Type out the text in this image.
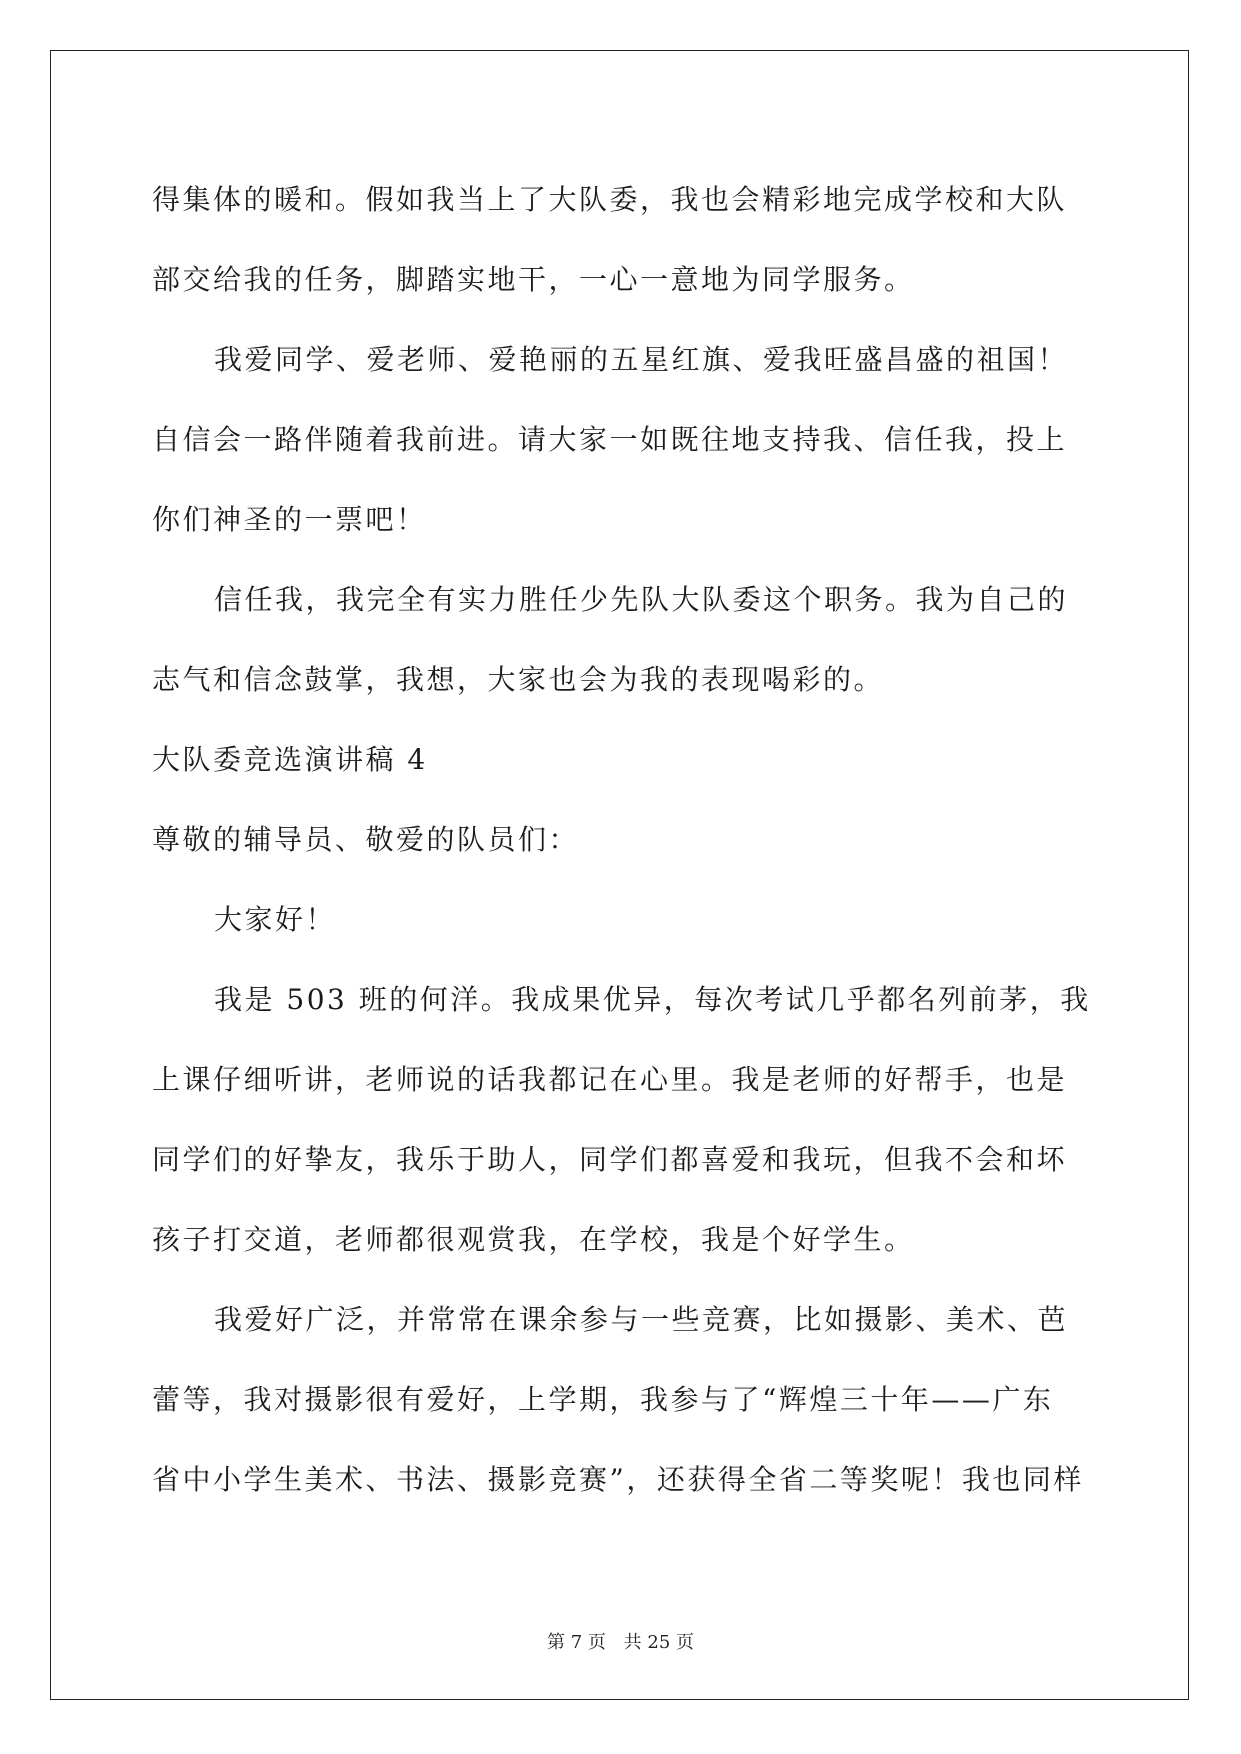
得集体的暖和。假如我当上了大队委，我也会精彩地完成学校和大队
部交给我的任务，脚踏实地干，一心一意地为同学服务。
我爱同学、爱老师、爱艳丽的五星红旗、爱我旺盛昌盛的祖国！
自信会一路伴随着我前进。请大家一如既往地支持我、信任我，投上
你们神圣的一票吧！
信任我，我完全有实力胜任少先队大队委这个职务。我为自己的
志气和信念鼓掌，我想，大家也会为我的表现喝彩的。
大队委竞选演讲稿 4
尊敬的辅导员、敬爱的队员们：
大家好！
我是 503 班的何洋。我成果优异，每次考试几乎都名列前茅，我
上课仔细听讲，老师说的话我都记在心里。我是老师的好帮手，也是
同学们的好挚友，我乐于助人，同学们都喜爱和我玩，但我不会和坏
孩子打交道，老师都很观赏我，在学校，我是个好学生。
我爱好广泛，并常常在课余参与一些竞赛，比如摄影、美术、芭
蕾等，我对摄影很有爱好，上学期，我参与了“辉煌三十年——广东
省中小学生美术、书法、摄影竞赛”，还获得全省二等奖呢！我也同样
第 7 页 共 25 页
